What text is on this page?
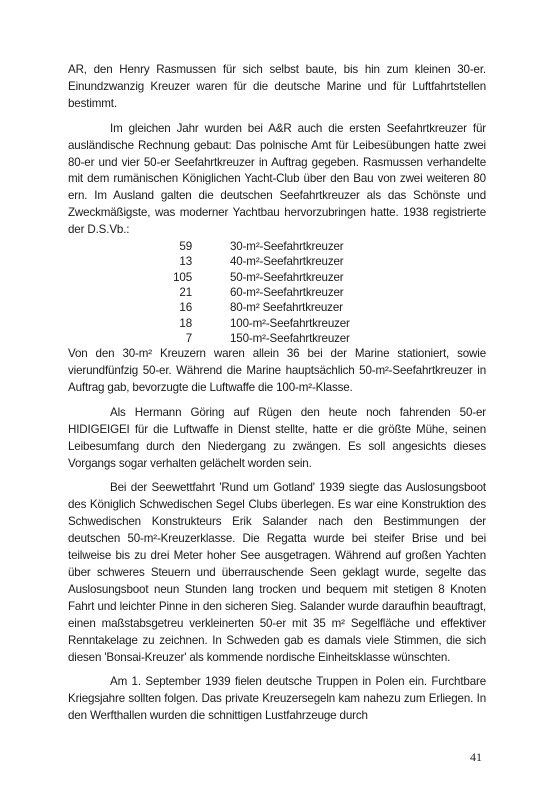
AR, den Henry Rasmussen für sich selbst baute, bis hin zum kleinen 30-er. Einundzwanzig Kreuzer waren für die deutsche Marine und für Luftfahrtstellen bestimmt.

Im gleichen Jahr wurden bei A&R auch die ersten Seefahrtkreuzer für ausländische Rechnung gebaut: Das polnische Amt für Leibesübungen hatte zwei 80-er und vier 50-er Seefahrtkreuzer in Auftrag gegeben. Rasmussen verhandelte mit dem rumänischen Königlichen Yacht-Club über den Bau von zwei weiteren 80 ern. Im Ausland galten die deutschen Seefahrtkreuzer als das Schönste und Zweckmäßigste, was moderner Yachtbau hervorzubringen hatte. 1938 registrierte der D.S.Vb.:

59	30-m²-Seefahrtkreuzer
13	40-m²-Seefahrtkreuzer
105	50-m²-Seefahrtkreuzer
21	60-m²-Seefahrtkreuzer
16	80-m² Seefahrtkreuzer
18	100-m²-Seefahrtkreuzer
7	150-m²-Seefahrtkreuzer

Von den 30-m² Kreuzern waren allein 36 bei der Marine stationiert, sowie vierundfünfzig 50-er. Während die Marine hauptsächlich 50-m²-Seefahrtkreuzer in Auftrag gab, bevorzugte die Luftwaffe die 100-m²-Klasse.

Als Hermann Göring auf Rügen den heute noch fahrenden 50-er HIDIGEIGEI für die Luftwaffe in Dienst stellte, hatte er die größte Mühe, seinen Leibesumfang durch den Niedergang zu zwängen. Es soll angesichts dieses Vorgangs sogar verhalten gelächelt worden sein.

Bei der Seewettfahrt 'Rund um Gotland' 1939 siegte das Auslosungsboot des Königlich Schwedischen Segel Clubs überlegen. Es war eine Konstruktion des Schwedischen Konstrukteurs Erik Salander nach den Bestimmungen der deutschen 50-m²-Kreuzerklasse. Die Regatta wurde bei steifer Brise und bei teilweise bis zu drei Meter hoher See ausgetragen. Während auf großen Yachten über schweres Steuern und überrauschende Seen geklagt wurde, segelte das Auslosungsboot neun Stunden lang trocken und bequem mit stetigen 8 Knoten Fahrt und leichter Pinne in den sicheren Sieg. Salander wurde daraufhin beauftragt, einen maßstabsgetreu verkleinerten 50-er mit 35 m² Segelfläche und effektiver Renntakelage zu zeichnen. In Schweden gab es damals viele Stimmen, die sich diesen 'Bonsai-Kreuzer' als kommende nordische Einheitsklasse wünschten.

Am 1. September 1939 fielen deutsche Truppen in Polen ein. Furchtbare Kriegsjahre sollten folgen. Das private Kreuzersegeln kam nahezu zum Erliegen. In den Werfthallen wurden die schnittigen Lustfahrzeuge durch

41
